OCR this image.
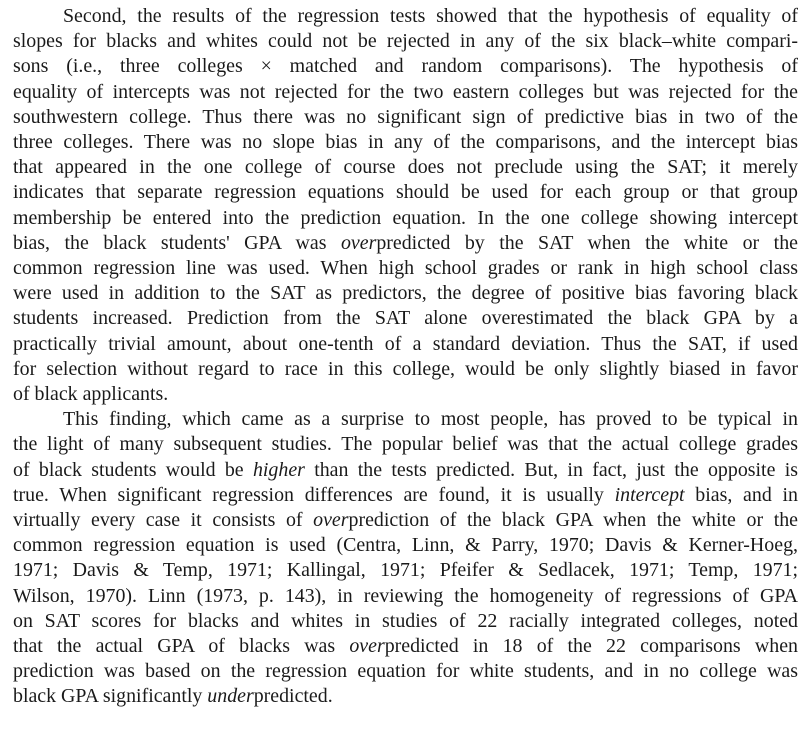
Second, the results of the regression tests showed that the hypothesis of equality of
slopes for blacks and whites could not be rejected in any of the six black–white compari-
sons (i.e., three colleges × matched and random comparisons). The hypothesis of
equality of intercepts was not rejected for the two eastern colleges but was rejected for the
southwestern college. Thus there was no significant sign of predictive bias in two of the
three colleges. There was no slope bias in any of the comparisons, and the intercept bias
that appeared in the one college of course does not preclude using the SAT; it merely
indicates that separate regression equations should be used for each group or that group
membership be entered into the prediction equation. In the one college showing intercept
bias, the black students' GPA was overpredicted by the SAT when the white or the
common regression line was used. When high school grades or rank in high school class
were used in addition to the SAT as predictors, the degree of positive bias favoring black
students increased. Prediction from the SAT alone overestimated the black GPA by a
practically trivial amount, about one-tenth of a standard deviation. Thus the SAT, if used
for selection without regard to race in this college, would be only slightly biased in favor
of black applicants.

This finding, which came as a surprise to most people, has proved to be typical in
the light of many subsequent studies. The popular belief was that the actual college grades
of black students would be higher than the tests predicted. But, in fact, just the opposite is
true. When significant regression differences are found, it is usually intercept bias, and in
virtually every case it consists of overprediction of the black GPA when the white or the
common regression equation is used (Centra, Linn, & Parry, 1970; Davis & Kerner-Hoeg,
1971; Davis & Temp, 1971; Kallingal, 1971; Pfeifer & Sedlacek, 1971; Temp, 1971;
Wilson, 1970). Linn (1973, p. 143), in reviewing the homogeneity of regressions of GPA
on SAT scores for blacks and whites in studies of 22 racially integrated colleges, noted
that the actual GPA of blacks was overpredicted in 18 of the 22 comparisons when
prediction was based on the regression equation for white students, and in no college was
black GPA significantly underpredicted.
